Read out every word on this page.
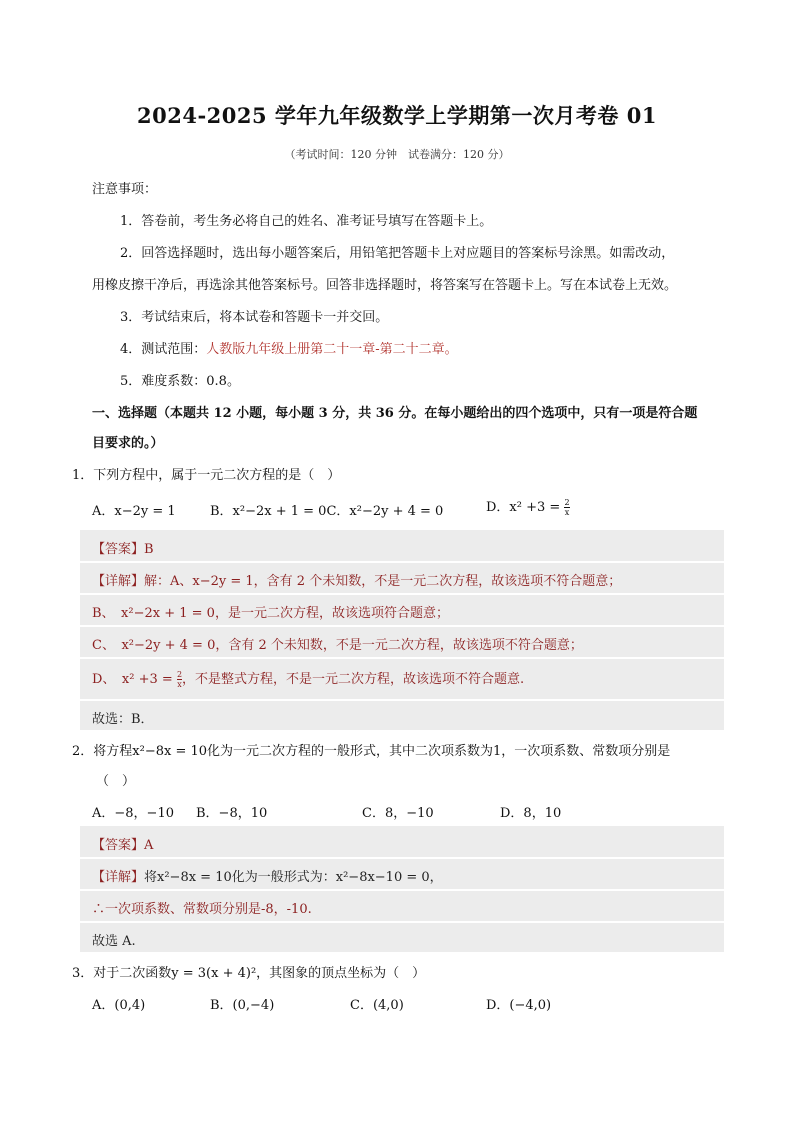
2024-2025 学年九年级数学上学期第一次月考卷 01
（考试时间：120 分钟　试卷满分：120 分）
注意事项：
1．答卷前，考生务必将自己的姓名、准考证号填写在答题卡上。
2．回答选择题时，选出每小题答案后，用铅笔把答题卡上对应题目的答案标号涂黑。如需改动，
用橡皮擦干净后，再选涂其他答案标号。回答非选择题时，将答案写在答题卡上。写在本试卷上无效。
3．考试结束后，将本试卷和答题卡一并交回。
4．测试范围：人教版九年级上册第二十一章-第二十二章。
5．难度系数：0.8。
一、选择题（本题共 12 小题，每小题 3 分，共 36 分。在每小题给出的四个选项中，只有一项是符合题
目要求的。）
1．下列方程中，属于一元二次方程的是（　）
A．x−2y = 1	B．x²−2x + 1 = 0C．x²−2y + 4 = 0	D．$x^2 +3 = \frac{2}{x}$
【答案】B
【详解】解：A、x−2y = 1，含有 2 个未知数，不是一元二次方程，故该选项不符合题意；
B、　x²−2x + 1 = 0，是一元二次方程，故该选项符合题意；
C、　x²−2y + 4 = 0，含有 2 个未知数，不是一元二次方程，故该选项不符合题意；
D、　$x^2 +3 = \frac{2}{x}$ ，不是整式方程，不是一元二次方程，故该选项不符合题意.
故选：B．
2．将方程x²−8x = 10化为一元二次方程的一般形式，其中二次项系数为1，一次项系数、常数项分别是
（　）
A．−8，−10 B．−8，10	C．8，−10	D．8，10
【答案】A
【详解】将x²−8x = 10化为一般形式为：x²−8x−10 = 0，
∴一次项系数、常数项分别是-8，-10.
故选 A.
3．对于二次函数y = 3(x + 4)²，其图象的顶点坐标为（　）
A．(0,4)	B．(0,−4)	C．(4,0)	D．(−4,0)
